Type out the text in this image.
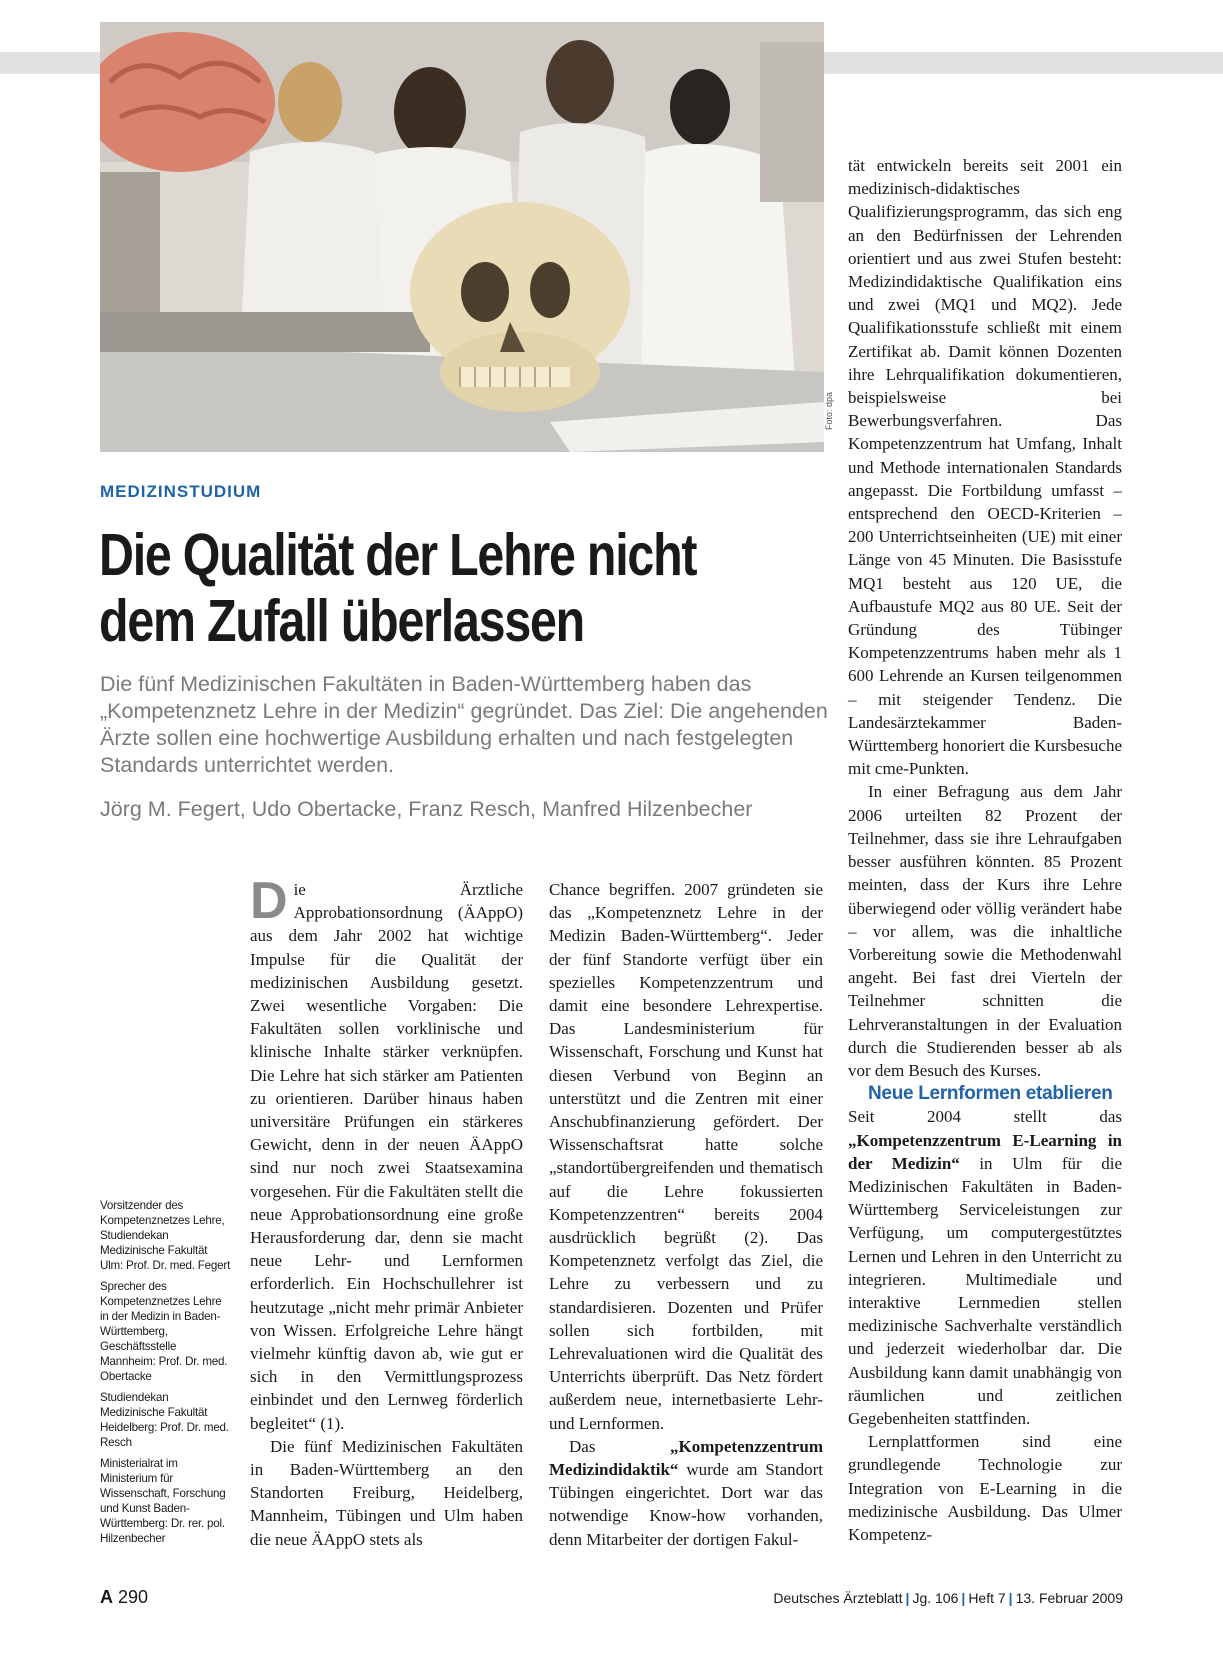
Foto: dpa
MEDIZINSTUDIUM
Die Qualität der Lehre nicht
dem Zufall überlassen

Die fünf Medizinischen Fakultäten in Baden-Württemberg haben das „Kompetenznetz Lehre in der Medizin“ gegründet. Das Ziel: Die angehenden Ärzte sollen eine hochwertige Ausbildung erhalten und nach festgelegten Standards unterrichtet werden.

Jörg M. Fegert, Udo Obertacke, Franz Resch, Manfred Hilzenbecher

Vorsitzender des Kompetenznetzes Lehre, Studiendekan Medizinische Fakultät Ulm: Prof. Dr. med. Fegert

Sprecher des Kompetenznetzes Lehre in der Medizin in Baden-Württemberg, Geschäftsstelle Mannheim: Prof. Dr. med. Obertacke

Studiendekan Medizinische Fakultät Heidelberg: Prof. Dr. med. Resch

Ministerialrat im Ministerium für Wissenschaft, Forschung und Kunst Baden-Württemberg: Dr. rer. pol. Hilzenbecher

Die Ärztliche Approbationsordnung (ÄAppO) aus dem Jahr 2002 hat wichtige Impulse für die Qualität der medizinischen Ausbildung gesetzt. Zwei wesentliche Vorgaben: Die Fakultäten sollen vorklinische und klinische Inhalte stärker verknüpfen. Die Lehre hat sich stärker am Patienten zu orientieren. Darüber hinaus haben universitäre Prüfungen ein stärkeres Gewicht, denn in der neuen ÄAppO sind nur noch zwei Staatsexamina vorgesehen. Für die Fakultäten stellt die neue Approbationsordnung eine große Herausforderung dar, denn sie macht neue Lehr- und Lernformen erforderlich. Ein Hochschullehrer ist heutzutage „nicht mehr primär Anbieter von Wissen. Erfolgreiche Lehre hängt vielmehr künftig davon ab, wie gut er sich in den Vermittlungsprozess einbindet und den Lernweg förderlich begleitet“ (1).

Die fünf Medizinischen Fakultäten in Baden-Württemberg an den Standorten Freiburg, Heidelberg, Mannheim, Tübingen und Ulm haben die neue ÄAppO stets als

Chance begriffen. 2007 gründeten sie das „Kompetenznetz Lehre in der Medizin Baden-Württemberg“. Jeder der fünf Standorte verfügt über ein spezielles Kompetenzzentrum und damit eine besondere Lehrexpertise. Das Landesministerium für Wissenschaft, Forschung und Kunst hat diesen Verbund von Beginn an unterstützt und die Zentren mit einer Anschubfinanzierung gefördert. Der Wissenschaftsrat hatte solche „standortübergreifenden und thematisch auf die Lehre fokussierten Kompetenzzentren“ bereits 2004 ausdrücklich begrüßt (2). Das Kompetenznetz verfolgt das Ziel, die Lehre zu verbessern und zu standardisieren. Dozenten und Prüfer sollen sich fortbilden, mit Lehrevaluationen wird die Qualität des Unterrichts überprüft. Das Netz fördert außerdem neue, internetbasierte Lehr- und Lernformen.

Das „Kompetenzzentrum Medizindidaktik“ wurde am Standort Tübingen eingerichtet. Dort war das notwendige Know-how vorhanden, denn Mitarbeiter der dortigen Fakul-

tät entwickeln bereits seit 2001 ein medizinisch-didaktisches Qualifizierungsprogramm, das sich eng an den Bedürfnissen der Lehrenden orientiert und aus zwei Stufen besteht: Medizindidaktische Qualifikation eins und zwei (MQ1 und MQ2). Jede Qualifikationsstufe schließt mit einem Zertifikat ab. Damit können Dozenten ihre Lehrqualifikation dokumentieren, beispielsweise bei Bewerbungsverfahren. Das Kompetenzzentrum hat Umfang, Inhalt und Methode internationalen Standards angepasst. Die Fortbildung umfasst – entsprechend den OECD-Kriterien – 200 Unterrichtseinheiten (UE) mit einer Länge von 45 Minuten. Die Basisstufe MQ1 besteht aus 120 UE, die Aufbaustufe MQ2 aus 80 UE. Seit der Gründung des Tübinger Kompetenzzentrums haben mehr als 1 600 Lehrende an Kursen teilgenommen – mit steigender Tendenz. Die Landesärztekammer Baden-Württemberg honoriert die Kursbesuche mit cme-Punkten.

In einer Befragung aus dem Jahr 2006 urteilten 82 Prozent der Teilnehmer, dass sie ihre Lehraufgaben besser ausführen könnten. 85 Prozent meinten, dass der Kurs ihre Lehre überwiegend oder völlig verändert habe – vor allem, was die inhaltliche Vorbereitung sowie die Methodenwahl angeht. Bei fast drei Vierteln der Teilnehmer schnitten die Lehrveranstaltungen in der Evaluation durch die Studierenden besser ab als vor dem Besuch des Kurses.

Neue Lernformen etablieren

Seit 2004 stellt das „Kompetenzzentrum E-Learning in der Medizin“ in Ulm für die Medizinischen Fakultäten in Baden-Württemberg Serviceleistungen zur Verfügung, um computergestütztes Lernen und Lehren in den Unterricht zu integrieren. Multimediale und interaktive Lernmedien stellen medizinische Sachverhalte verständlich und jederzeit wiederholbar dar. Die Ausbildung kann damit unabhängig von räumlichen und zeitlichen Gegebenheiten stattfinden.

Lernplattformen sind eine grundlegende Technologie zur Integration von E-Learning in die medizinische Ausbildung. Das Ulmer Kompetenz-

A 290	Deutsches Ärzteblatt | Jg. 106 | Heft 7 | 13. Februar 2009
